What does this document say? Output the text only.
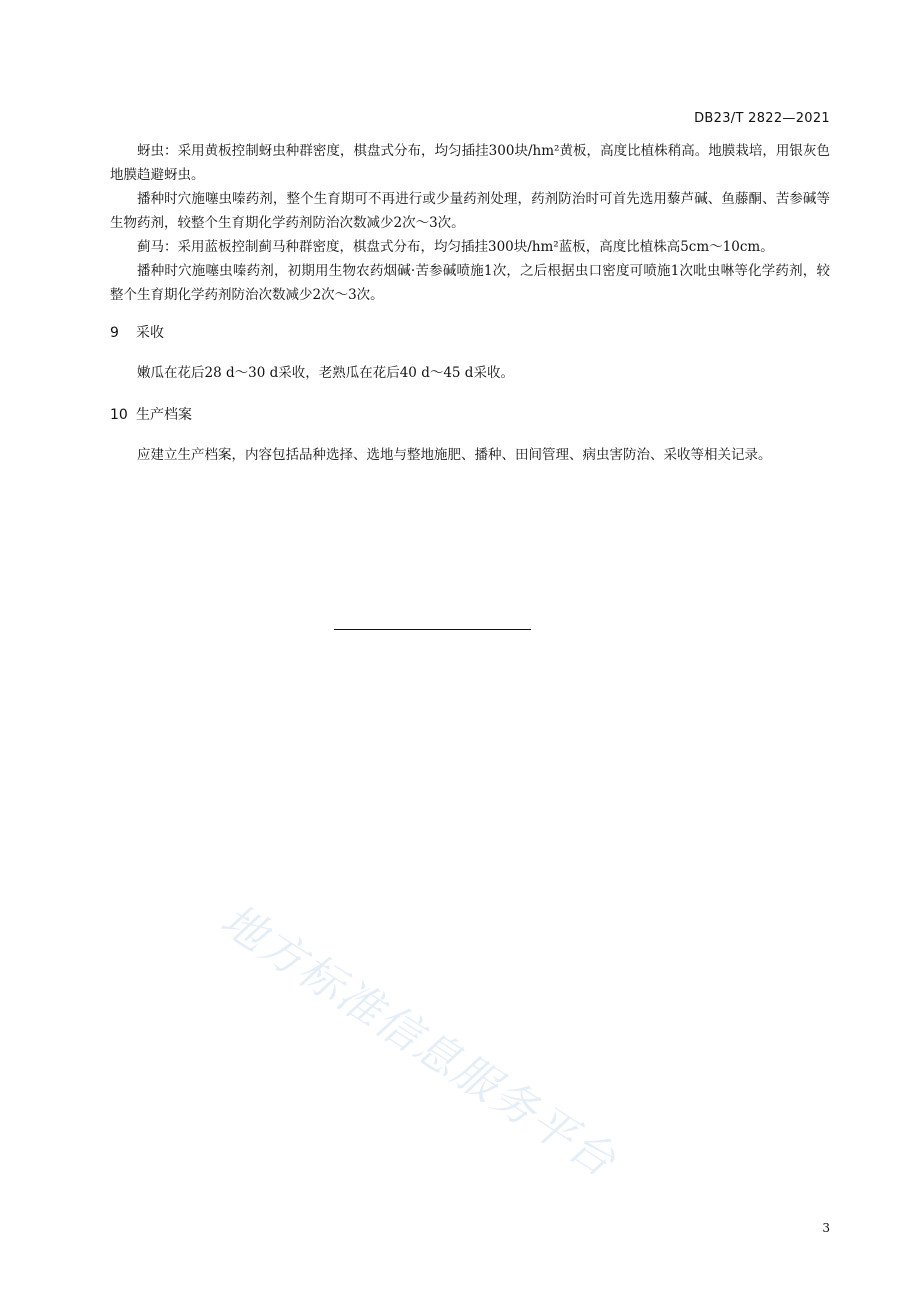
DB23/T 2822—2021

蚜虫：采用黄板控制蚜虫种群密度，棋盘式分布，均匀插挂300块/hm²黄板，高度比植株稍高。地膜栽培，用银灰色地膜趋避蚜虫。

播种时穴施噻虫嗪药剂，整个生育期可不再进行或少量药剂处理，药剂防治时可首先选用藜芦碱、鱼藤酮、苦参碱等生物药剂，较整个生育期化学药剂防治次数减少2次～3次。

蓟马：采用蓝板控制蓟马种群密度，棋盘式分布，均匀插挂300块/hm²蓝板，高度比植株高5cm～10cm。

播种时穴施噻虫嗪药剂，初期用生物农药烟碱·苦参碱喷施1次，之后根据虫口密度可喷施1次吡虫啉等化学药剂，较整个生育期化学药剂防治次数减少2次～3次。

9 采收

嫩瓜在花后28 d～30 d采收，老熟瓜在花后40 d～45 d采收。

10 生产档案

应建立生产档案，内容包括品种选择、选地与整地施肥、播种、田间管理、病虫害防治、采收等相关记录。

地方标准信息服务平台
3
